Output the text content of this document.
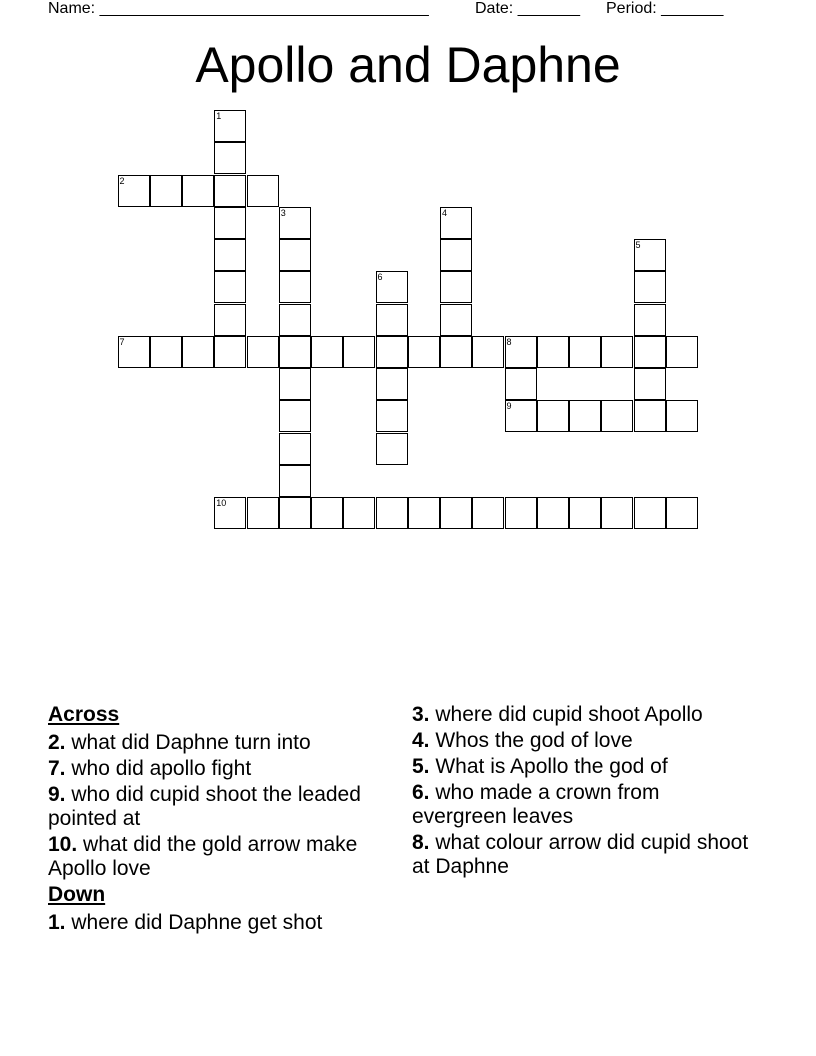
Name: _____________________________________	Date: _______ Period: _______
Apollo and Daphne
1
2
3	4
5
6
7	8
9
10

Across

2. what did Daphne turn into

7. who did apollo fight

9. who did cupid shoot the leaded pointed at

10. what did the gold arrow make Apollo love

Down

1. where did Daphne get shot

3. where did cupid shoot Apollo

4. Whos the god of love

5. What is Apollo the god of

6. who made a crown from evergreen leaves

8. what colour arrow did cupid shoot at Daphne
